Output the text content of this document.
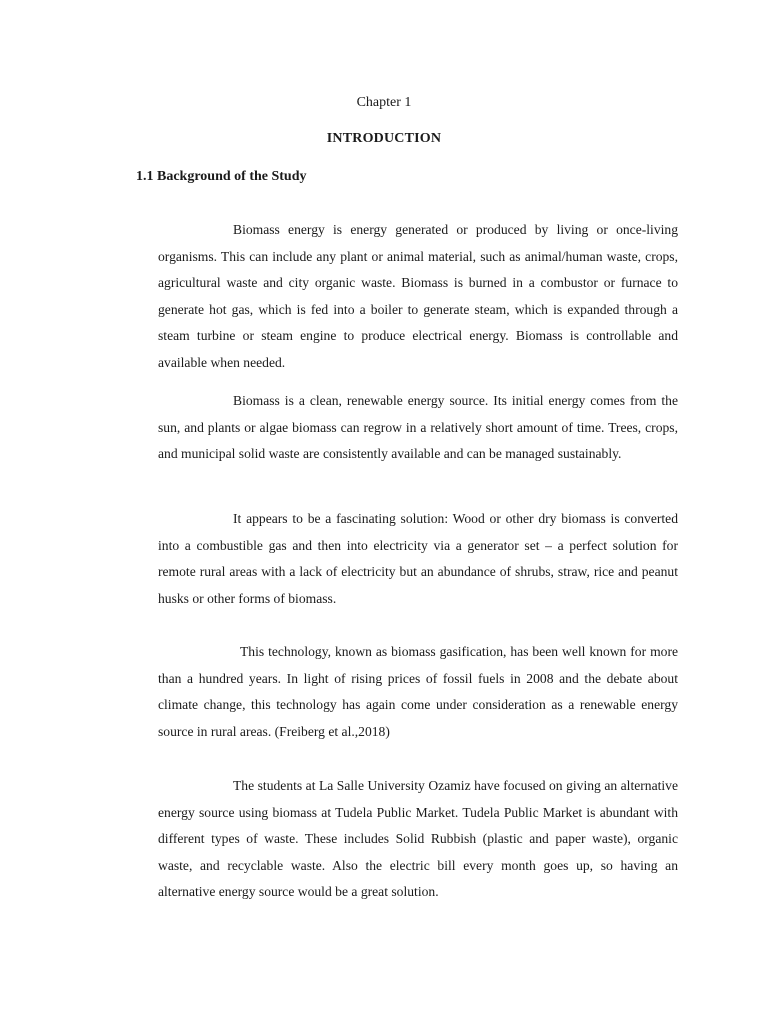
Chapter 1
INTRODUCTION
1.1 Background of the Study

Biomass energy is energy generated or produced by living or once-living organisms. This can include any plant or animal material, such as animal/human waste, crops, agricultural waste and city organic waste. Biomass is burned in a combustor or furnace to generate hot gas, which is fed into a boiler to generate steam, which is expanded through a steam turbine or steam engine to produce electrical energy. Biomass is controllable and available when needed.

Biomass is a clean, renewable energy source. Its initial energy comes from the sun, and plants or algae biomass can regrow in a relatively short amount of time. Trees, crops, and municipal solid waste are consistently available and can be managed sustainably.

It appears to be a fascinating solution: Wood or other dry biomass is converted into a combustible gas and then into electricity via a generator set – a perfect solution for remote rural areas with a lack of electricity but an abundance of shrubs, straw, rice and peanut husks or other forms of biomass.

This technology, known as biomass gasification, has been well known for more than a hundred years. In light of rising prices of fossil fuels in 2008 and the debate about climate change, this technology has again come under consideration as a renewable energy source in rural areas. (Freiberg et al.,2018)

The students at La Salle University Ozamiz have focused on giving an alternative energy source using biomass at Tudela Public Market. Tudela Public Market is abundant with different types of waste. These includes Solid Rubbish (plastic and paper waste), organic waste, and recyclable waste. Also the electric bill every month goes up, so having an alternative energy source would be a great solution.
